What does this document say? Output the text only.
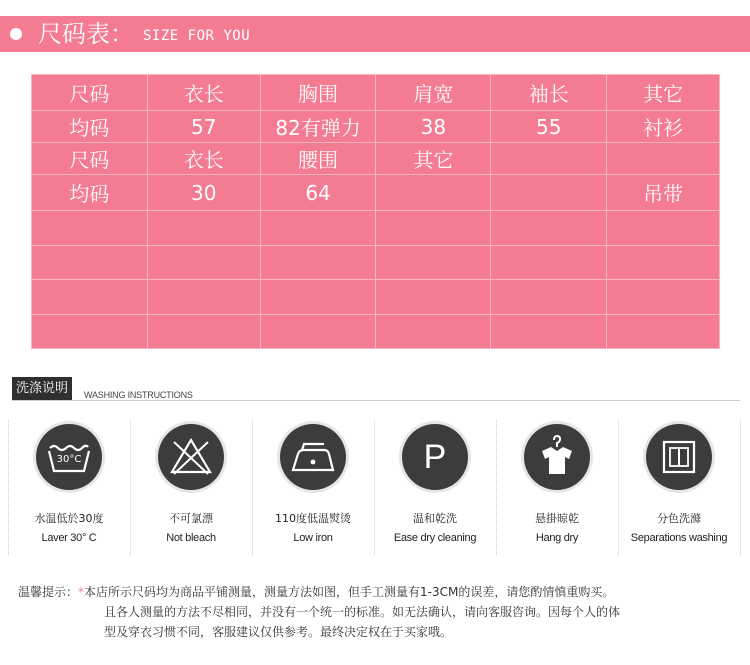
尺码表： SIZE FOR YOU
尺码	衣长	胸围	肩宽	袖长	其它
均码	57	82有弹力	38	55	衬衫
尺码	衣长	腰围	其它		
均码	30	64			吊带

洗涤说明	WASHING INSTRUCTIONS
30°C
水温低於30度
Laver 30° C
不可氯漂
Not bleach
110度低温熨烫
Low iron
P
温和乾洗
Ease dry cleaning
悬掛晾乾
Hang dry
分色洗滌
Separations washing
温馨提示：*本店所示尺码均为商品平铺测量，测量方法如图，但手工测量有1-3CM的误差，请您酌情慎重购买。
且各人测量的方法不尽相同，并没有一个统一的标准。如无法确认，请向客服咨询。因每个人的体
型及穿衣习惯不同，客服建议仅供参考。最终决定权在于买家哦。
